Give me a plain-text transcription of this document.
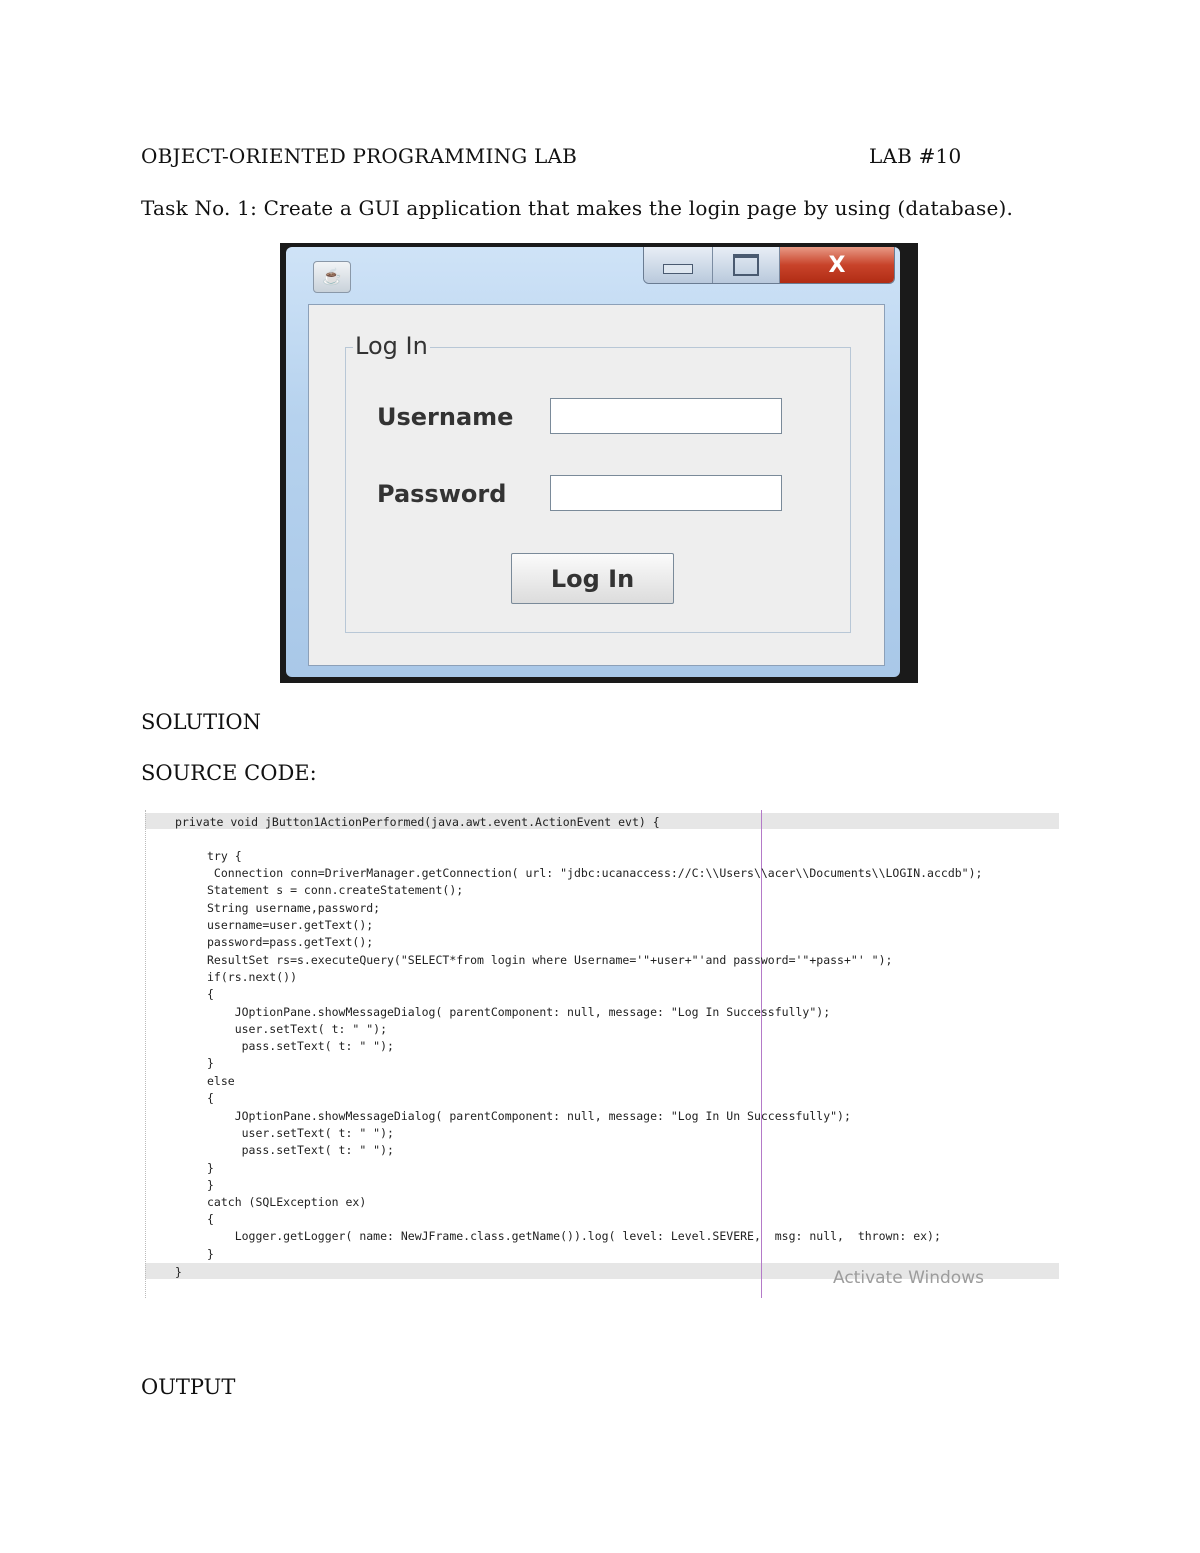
OBJECT-ORIENTED PROGRAMMING LAB	LAB #10
Task No. 1: Create a GUI application that makes the login page by using (database).
☕	X
Log In
Username
Password
Log In
SOLUTION
SOURCE CODE:
private void jButton1ActionPerformed(java.awt.event.ActionEvent evt) {
try {
Connection conn=DriverManager.getConnection( url: "jdbc:ucanaccess://C:\\Users\\acer\\Documents\\LOGIN.accdb");
Statement s = conn.createStatement();
String username,password;
username=user.getText();
password=pass.getText();
ResultSet rs=s.executeQuery("SELECT*from login where Username='"+user+"'and password='"+pass+"' ");
if(rs.next())
{
JOptionPane.showMessageDialog( parentComponent: null, message: "Log In Successfully");
user.setText( t: " ");
pass.setText( t: " ");
}
else
{
JOptionPane.showMessageDialog( parentComponent: null, message: "Log In Un Successfully");
user.setText( t: " ");
pass.setText( t: " ");
}
}
catch (SQLException ex)
{
Logger.getLogger( name: NewJFrame.class.getName()).log( level: Level.SEVERE,  msg: null,  thrown: ex);
}
}	Activate Windows
OUTPUT
